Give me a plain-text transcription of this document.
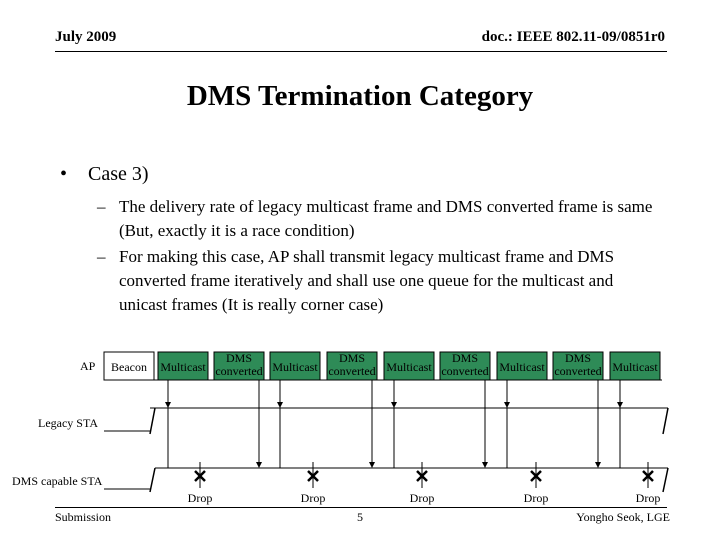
July 2009	doc.: IEEE 802.11-09/0851r0
DMS Termination Category
• Case 3)
– The delivery rate of legacy multicast frame and DMS converted frame is same (But, exactly it is a race condition)
– For making this case, AP shall transmit legacy multicast frame and DMS converted frame iteratively and shall use one queue for the multicast and unicast frames (It is really corner case)
AP
Legacy STA
DMS capable STA
Beacon Multicast
DMS
converted Multicast
DMS
converted Multicast
DMS
converted Multicast
DMS
converted Multicast
Drop	Drop	Drop	Drop	Drop
Submission	5	Yongho Seok, LGE
